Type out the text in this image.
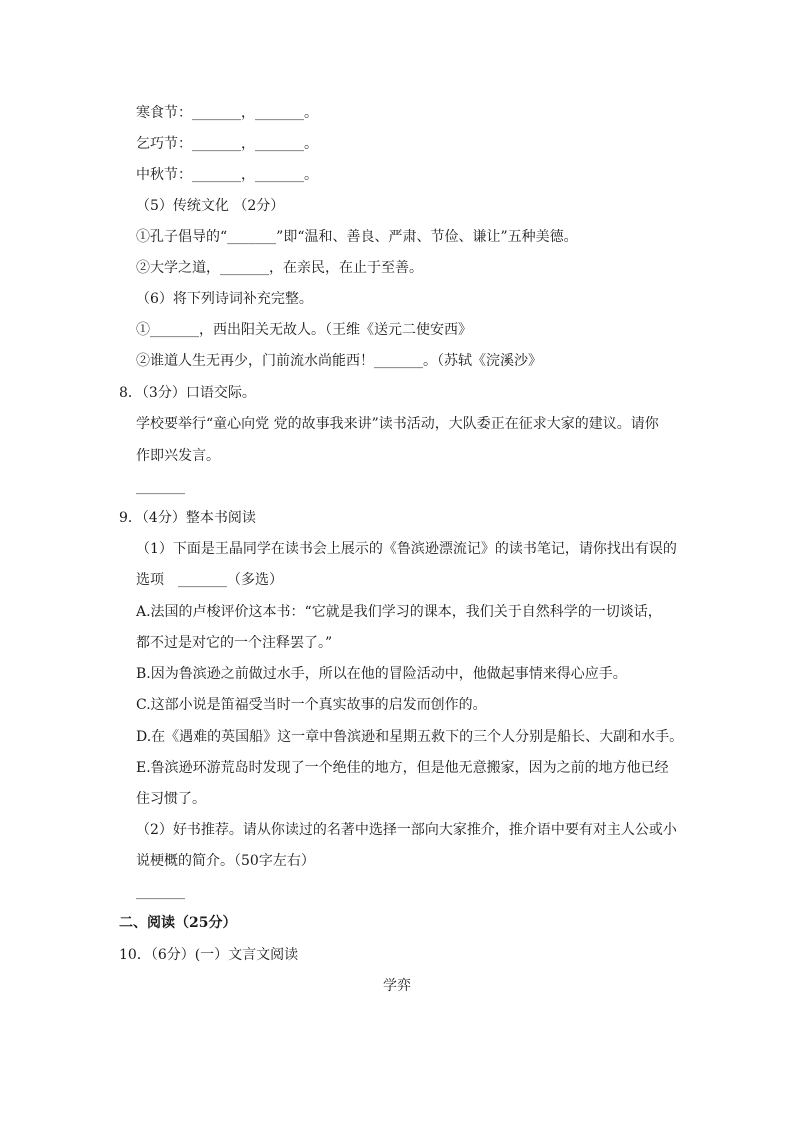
寒食节：_______，_______。
乞巧节：_______，_______。
中秋节：_______，_______。
（5）传统文化 （2分）
①孔子倡导的“_______”即“温和、善良、严肃、节俭、谦让”五种美德。
②大学之道，_______，在亲民，在止于至善。
（6）将下列诗词补充完整。
①_______，西出阳关无故人。（王维《送元二使安西》
②谁道人生无再少，门前流水尚能西！_______。（苏轼《浣溪沙》
8．（3分）口语交际。
学校要举行“童心向党 党的故事我来讲”读书活动，大队委正在征求大家的建议。请你
作即兴发言。
_______
9．（4分）整本书阅读
（1）下面是王晶同学在读书会上展示的《鲁滨逊漂流记》的读书笔记，请你找出有误的
选项　_______（多选）
A.法国的卢梭评价这本书：“它就是我们学习的课本，我们关于自然科学的一切谈话，
都不过是对它的一个注释罢了。”
B.因为鲁滨逊之前做过水手，所以在他的冒险活动中，他做起事情来得心应手。
C.这部小说是笛福受当时一个真实故事的启发而创作的。
D.在《遇难的英国船》这一章中鲁滨逊和星期五救下的三个人分别是船长、大副和水手。
E.鲁滨逊环游荒岛时发现了一个绝佳的地方，但是他无意搬家，因为之前的地方他已经
住习惯了。
（2）好书推荐。请从你读过的名著中选择一部向大家推介，推介语中要有对主人公或小
说梗概的简介。（50字左右）
_______
二、阅读（25分）
10．（6分）(一）文言文阅读
学弈
